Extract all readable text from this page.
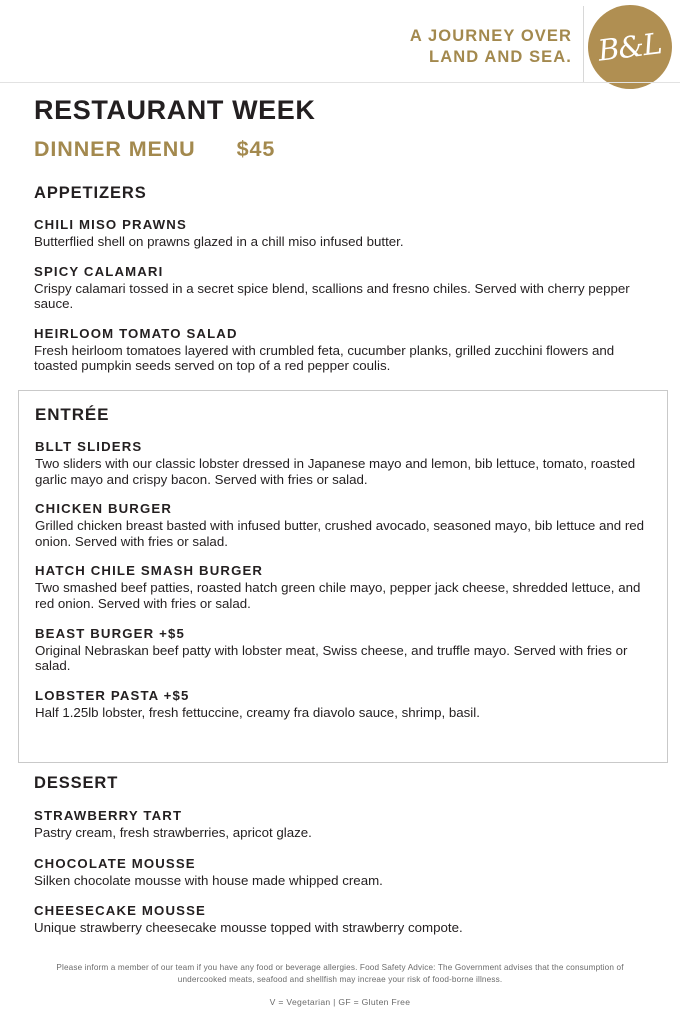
A JOURNEY OVER
LAND AND SEA. B&L
RESTAURANT WEEK
DINNER MENU $45
APPETIZERS
CHILI MISO PRAWNS
Butterflied shell on prawns glazed in a chill miso infused butter.
SPICY CALAMARI
Crispy calamari tossed in a secret spice blend, scallions and fresno chiles. Served with cherry pepper sauce.
HEIRLOOM TOMATO SALAD
Fresh heirloom tomatoes layered with crumbled feta, cucumber planks, grilled zucchini flowers and toasted pumpkin seeds served on top of a red pepper coulis.
ENTRÉE
BLLT SLIDERS
Two sliders with our classic lobster dressed in Japanese mayo and lemon, bib lettuce, tomato, roasted garlic mayo and crispy bacon. Served with fries or salad.
CHICKEN BURGER
Grilled chicken breast basted with infused butter, crushed avocado, seasoned mayo, bib lettuce and red onion. Served with fries or salad.
HATCH CHILE SMASH BURGER
Two smashed beef patties, roasted hatch green chile mayo, pepper jack cheese, shredded lettuce, and red onion. Served with fries or salad.
BEAST BURGER +$5
Original Nebraskan beef patty with lobster meat, Swiss cheese, and truffle mayo. Served with fries or salad.
LOBSTER PASTA +$5
Half 1.25lb lobster, fresh fettuccine, creamy fra diavolo sauce, shrimp, basil.
DESSERT
STRAWBERRY TART
Pastry cream, fresh strawberries, apricot glaze.
CHOCOLATE MOUSSE
Silken chocolate mousse with house made whipped cream.
CHEESECAKE MOUSSE
Unique strawberry cheesecake mousse topped with strawberry compote.
Please inform a member of our team if you have any food or beverage allergies. Food Safety Advice: The Government advises that the consumption of undercooked meats, seafood and shellfish may increae your risk of food-borne illness.
V = Vegetarian | GF = Gluten Free
